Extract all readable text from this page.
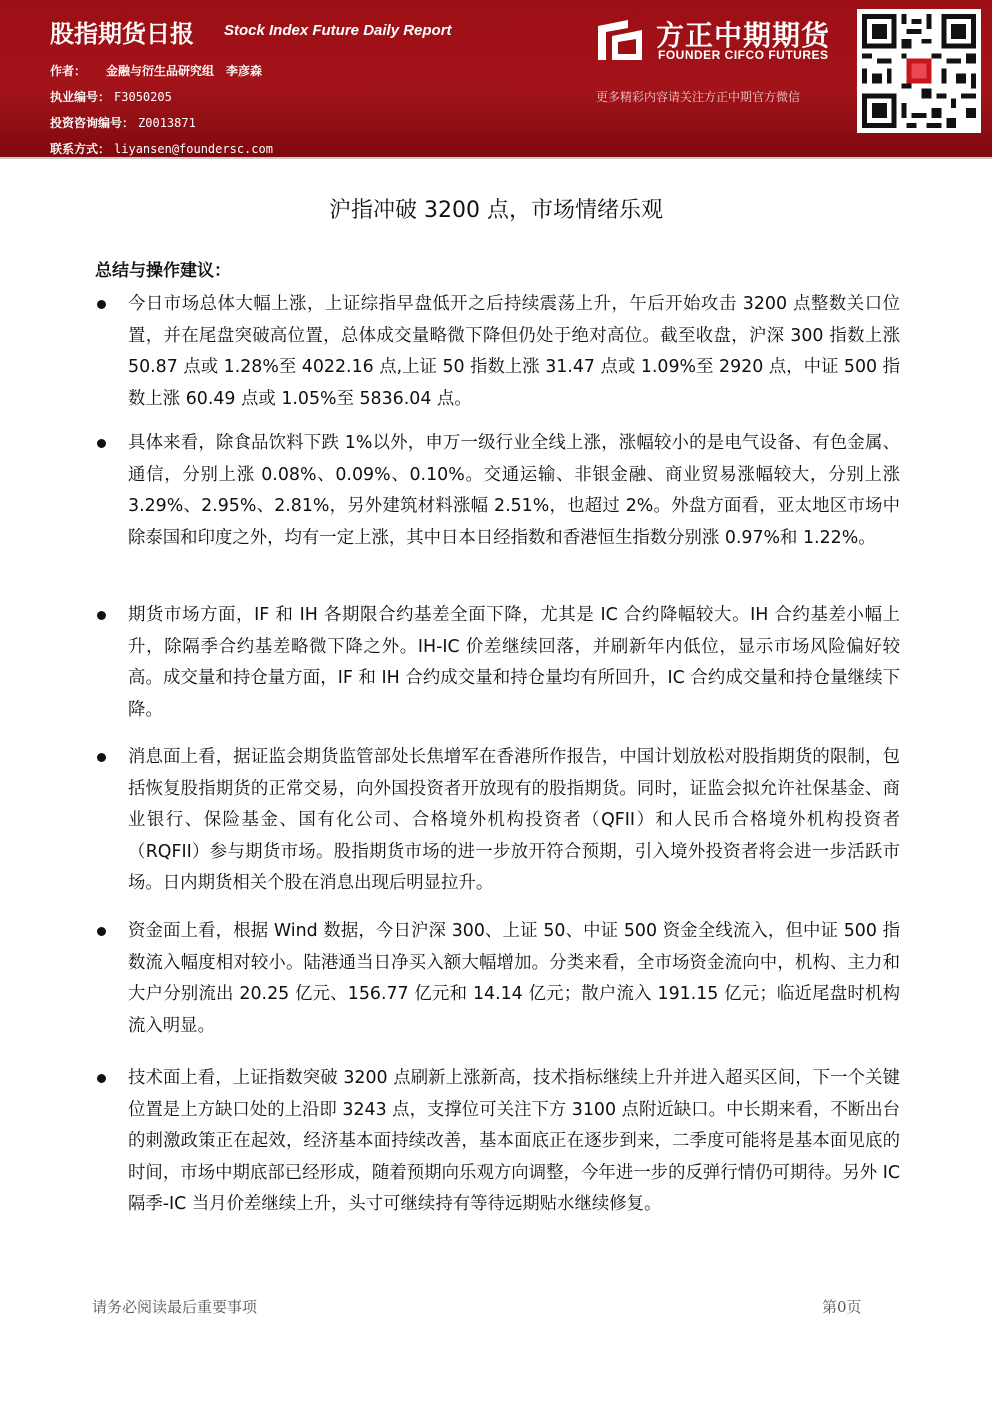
股指期货日报 Stock Index Future Daily Report
作者： 金融与衍生品研究组　李彦森
执业编号： F3050205
投资咨询编号： Z0013871
联系方式： liyansen@foundersc.com
方正中期期货
FOUNDER CIFCO FUTURES
更多精彩内容请关注方正中期官方微信
沪指冲破 3200 点，市场情绪乐观
总结与操作建议：
今日市场总体大幅上涨，上证综指早盘低开之后持续震荡上升，午后开始攻击 3200 点整数关口位置，并在尾盘突破高位置，总体成交量略微下降但仍处于绝对高位。截至收盘，沪深 300 指数上涨 50.87 点或 1.28%至 4022.16 点,上证 50 指数上涨 31.47 点或 1.09%至 2920 点，中证 500 指数上涨 60.49 点或 1.05%至 5836.04 点。
具体来看，除食品饮料下跌 1%以外，申万一级行业全线上涨，涨幅较小的是电气设备、有色金属、通信，分别上涨 0.08%、0.09%、0.10%。交通运输、非银金融、商业贸易涨幅较大，分别上涨 3.29%、2.95%、2.81%，另外建筑材料涨幅 2.51%，也超过 2%。外盘方面看，亚太地区市场中除泰国和印度之外，均有一定上涨，其中日本日经指数和香港恒生指数分别涨 0.97%和 1.22%。
期货市场方面，IF 和 IH 各期限合约基差全面下降，尤其是 IC 合约降幅较大。IH 合约基差小幅上升，除隔季合约基差略微下降之外。IH-IC 价差继续回落，并刷新年内低位，显示市场风险偏好较高。成交量和持仓量方面，IF 和 IH 合约成交量和持仓量均有所回升，IC 合约成交量和持仓量继续下降。
消息面上看，据证监会期货监管部处长焦增军在香港所作报告，中国计划放松对股指期货的限制，包括恢复股指期货的正常交易，向外国投资者开放现有的股指期货。同时，证监会拟允许社保基金、商业银行、保险基金、国有化公司、合格境外机构投资者（QFII）和人民币合格境外机构投资者（RQFII）参与期货市场。股指期货市场的进一步放开符合预期，引入境外投资者将会进一步活跃市场。日内期货相关个股在消息出现后明显拉升。
资金面上看，根据 Wind 数据，今日沪深 300、上证 50、中证 500 资金全线流入，但中证 500 指数流入幅度相对较小。陆港通当日净买入额大幅增加。分类来看，全市场资金流向中，机构、主力和大户分别流出 20.25 亿元、156.77 亿元和 14.14 亿元；散户流入 191.15 亿元；临近尾盘时机构流入明显。
技术面上看，上证指数突破 3200 点刷新上涨新高，技术指标继续上升并进入超买区间，下一个关键位置是上方缺口处的上沿即 3243 点，支撑位可关注下方 3100 点附近缺口。中长期来看，不断出台的刺激政策正在起效，经济基本面持续改善，基本面底正在逐步到来，二季度可能将是基本面见底的时间，市场中期底部已经形成，随着预期向乐观方向调整，今年进一步的反弹行情仍可期待。另外 IC 隔季-IC 当月价差继续上升，头寸可继续持有等待远期贴水继续修复。
请务必阅读最后重要事项	第0页
